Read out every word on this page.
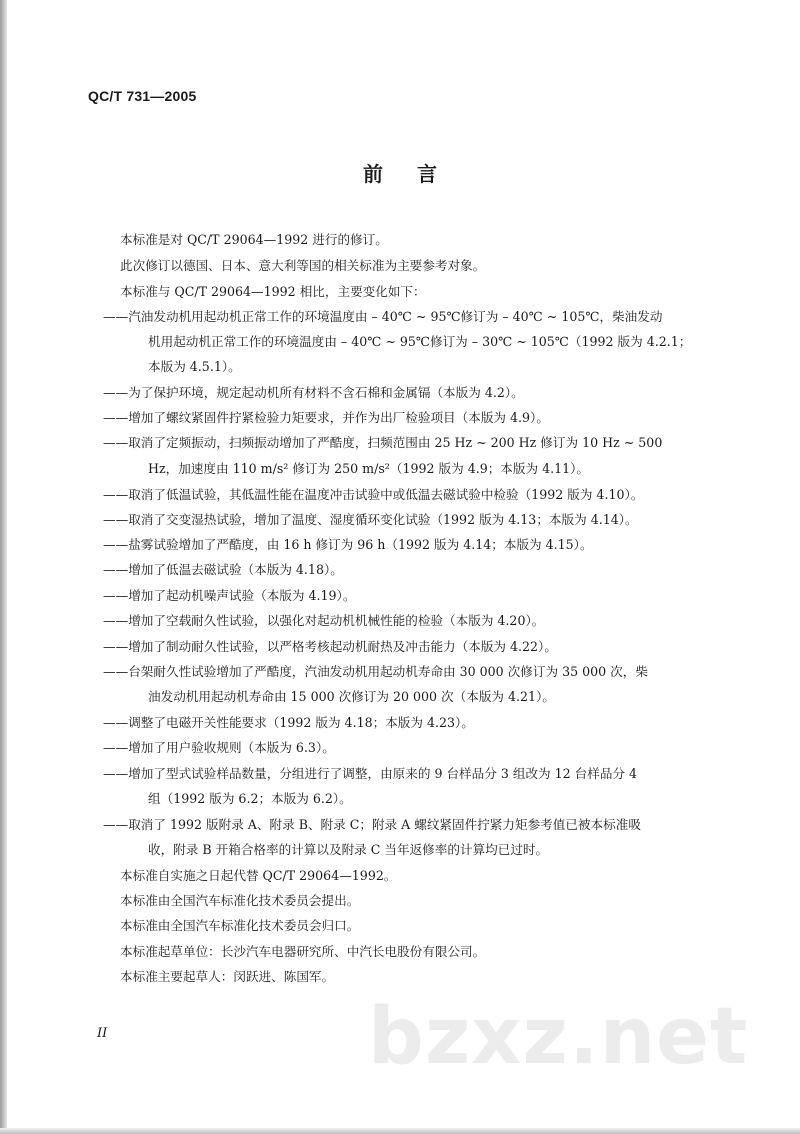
QC/T 731—2005
前 言
本标准是对 QC/T 29064—1992 进行的修订。
此次修订以德国、日本、意大利等国的相关标准为主要参考对象。
本标准与 QC/T 29064—1992 相比，主要变化如下：
——汽油发动机用起动机正常工作的环境温度由 – 40℃ ~ 95℃修订为 – 40℃ ~ 105℃，柴油发动
机用起动机正常工作的环境温度由 – 40℃ ~ 95℃修订为 – 30℃ ~ 105℃（1992 版为 4.2.1；
本版为 4.5.1）。
——为了保护环境，规定起动机所有材料不含石棉和金属镉（本版为 4.2）。
——增加了螺纹紧固件拧紧检验力矩要求，并作为出厂检验项目（本版为 4.9）。
——取消了定频振动，扫频振动增加了严酷度，扫频范围由 25 Hz ~ 200 Hz 修订为 10 Hz ~ 500
Hz，加速度由 110 m/s² 修订为 250 m/s²（1992 版为 4.9；本版为 4.11）。
——取消了低温试验，其低温性能在温度冲击试验中或低温去磁试验中检验（1992 版为 4.10）。
——取消了交变湿热试验，增加了温度、湿度循环变化试验（1992 版为 4.13；本版为 4.14）。
——盐雾试验增加了严酷度，由 16 h 修订为 96 h（1992 版为 4.14；本版为 4.15）。
——增加了低温去磁试验（本版为 4.18）。
——增加了起动机噪声试验（本版为 4.19）。
——增加了空载耐久性试验，以强化对起动机机械性能的检验（本版为 4.20）。
——增加了制动耐久性试验，以严格考核起动机耐热及冲击能力（本版为 4.22）。
——台架耐久性试验增加了严酷度，汽油发动机用起动机寿命由 30 000 次修订为 35 000 次，柴
油发动机用起动机寿命由 15 000 次修订为 20 000 次（本版为 4.21）。
——调整了电磁开关性能要求（1992 版为 4.18；本版为 4.23）。
——增加了用户验收规则（本版为 6.3）。
——增加了型式试验样品数量，分组进行了调整，由原来的 9 台样品分 3 组改为 12 台样品分 4
组（1992 版为 6.2；本版为 6.2）。
——取消了 1992 版附录 A、附录 B、附录 C；附录 A 螺纹紧固件拧紧力矩参考值已被本标准吸
收，附录 B 开箱合格率的计算以及附录 C 当年返修率的计算均已过时。
本标准自实施之日起代替 QC/T 29064—1992。
本标准由全国汽车标准化技术委员会提出。
本标准由全国汽车标准化技术委员会归口。
本标准起草单位：长沙汽车电器研究所、中汽长电股份有限公司。
本标准主要起草人：闵跃进、陈国军。
bzxz.net
II
